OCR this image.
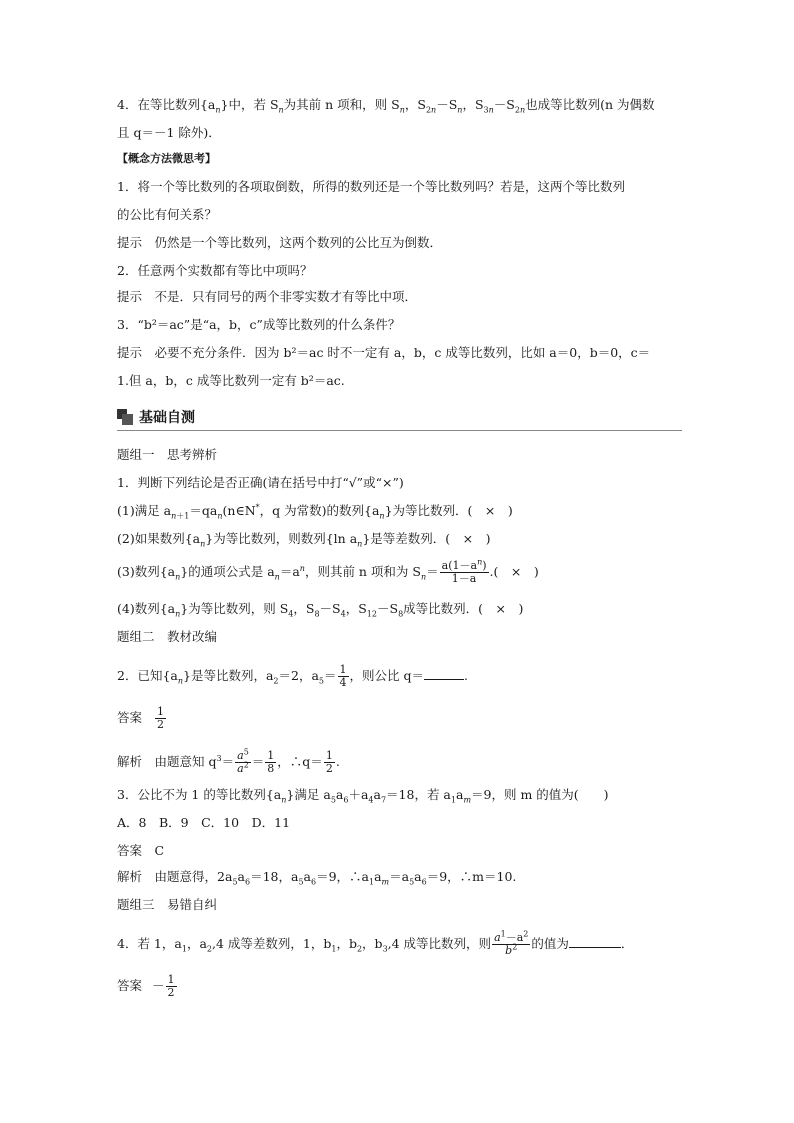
4．在等比数列$\{a_n\}$中，若 $S_n$为其前 n 项和，则 $S_n$，$S_{2n}-S_n$，$S_{3n}-S_{2n}$也成等比数列(n 为偶数
且 q＝－1 除外)．
【概念方法微思考】
1．将一个等比数列的各项取倒数，所得的数列还是一个等比数列吗？若是，这两个等比数列
的公比有何关系？
提示　仍然是一个等比数列，这两个数列的公比互为倒数．
2．任意两个实数都有等比中项吗？
提示　不是．只有同号的两个非零实数才有等比中项．
3．“b²＝ac”是“a，b，c”成等比数列的什么条件？
提示　必要不充分条件．因为 b²＝ac 时不一定有 a，b，c 成等比数列，比如 a＝0，b＝0，c＝
1.但 a，b，c 成等比数列一定有 b²＝ac.
基础自测
题组一　思考辨析
1．判断下列结论是否正确(请在括号中打“√”或“×”)
(1)满足 $a_{n+1}=qa_n(n\in N^*$，q 为常数)的数列$\{a_n\}$为等比数列．(　×　)
(2)如果数列$\{a_n\}$为等比数列，则数列{ln $a_n$}是等差数列．(　×　)
(3)数列$\{a_n\}$的通项公式是 $a_n=a^n$，则其前 n 项和为 $S_n= \frac{a(1-a^n)}{1-a}$ .(　×　)
(4)数列$\{a_n\}$为等比数列，则 $S_4$，$S_8-S_4$，$S_{12}-S_8$成等比数列．(　×　)
题组二　教材改编
2．已知$\{a_n\}$是等比数列，$a_2=2$，$a_5= \frac{1}{4}$ ，则公比 q＝	.
答案 $\frac{1}{2}$
解析　 由题意知 $q^3= \frac{a^5}{a^2} = \frac{1}{8}$ ，∴q＝ $\frac{1}{2}$ .
3．公比不为 1 的等比数列$\{a_n\}$满足 $a_5a_6+a_4a_7=18$，若 $a_1a_m=9$，则 m 的值为(　　)
A．8　B．9　C．10　D．11
答案　 C
解析　 由题意得，$2a_5a_6=18$，$a_5a_6=9$，$\therefore a_1a_m=a_5a_6=9$，∴m＝10.
题组三　易错自纠
4．若 1，$a_1$，$a_2,4$ 成等差数列，1，$b_1$，$b_2$，$b_3,4$ 成等比数列，则 $\frac{a^1-a^2}{b^2}$ 的值为	．
答案 － $\frac{1}{2}$
